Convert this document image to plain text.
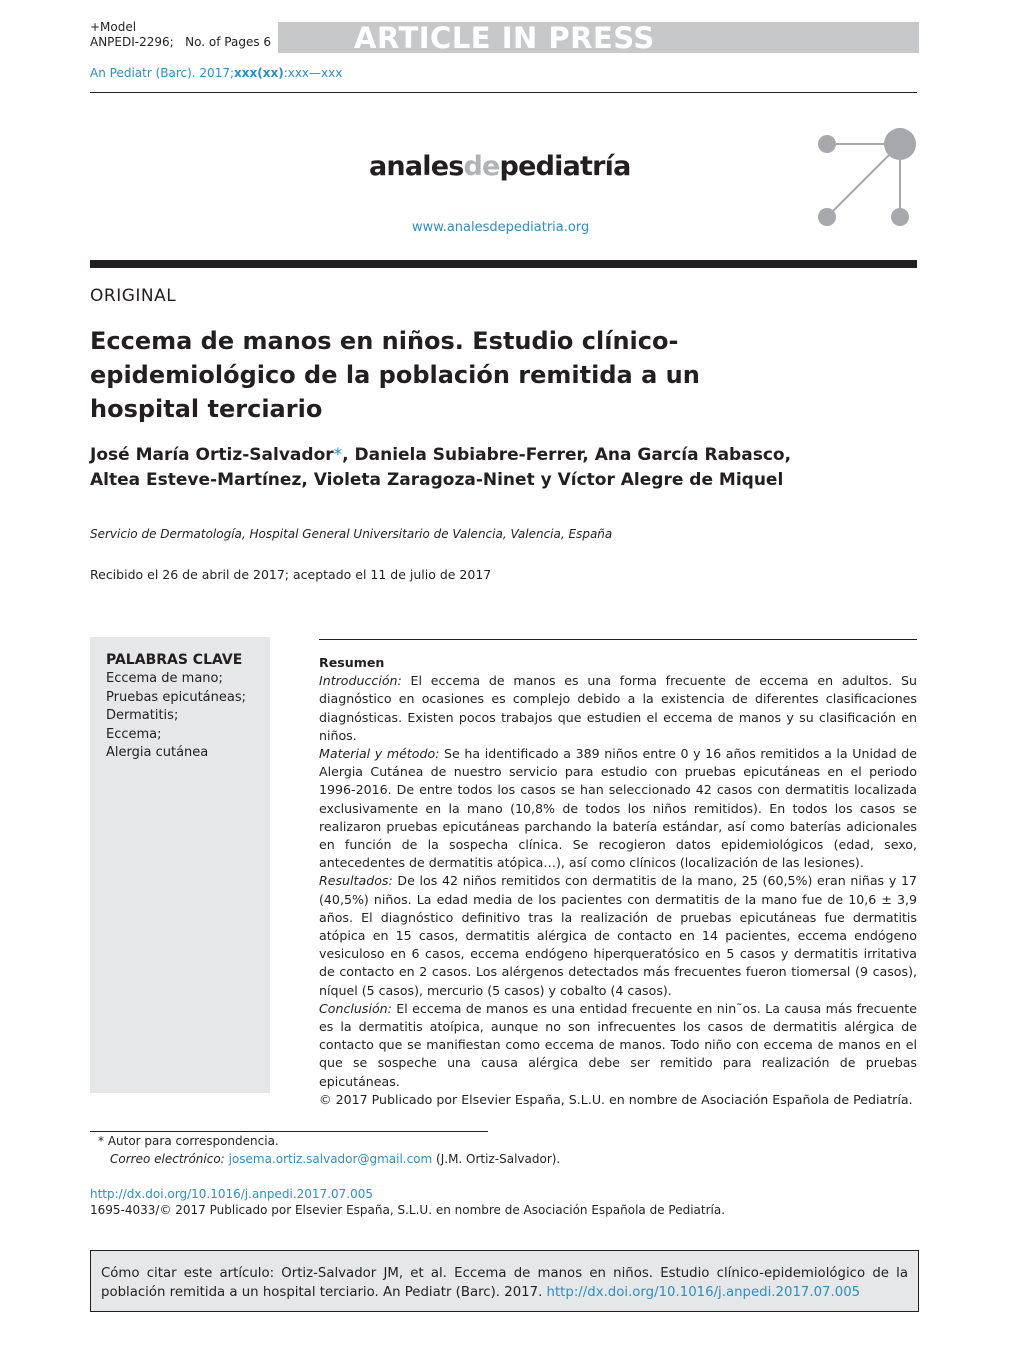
+Model
ANPEDI-2296; No. of Pages 6	ARTICLE IN PRESS
An Pediatr (Barc). 2017;xxx(xx):xxx—xxx
analesdepediatría
www.analesdepediatria.org
ORIGINAL
Eccema de manos en niños. Estudio clínico-epidemiológico de la población remitida a un hospital terciario
José María Ortiz-Salvador*, Daniela Subiabre-Ferrer, Ana García Rabasco,
Altea Esteve-Martínez, Violeta Zaragoza-Ninet y Víctor Alegre de Miquel
Servicio de Dermatología, Hospital General Universitario de Valencia, Valencia, España
Recibido el 26 de abril de 2017; aceptado el 11 de julio de 2017
PALABRAS CLAVE
Eccema de mano;
Pruebas epicutáneas;
Dermatitis;
Eccema;
Alergia cutánea
Resumen

Introducción: El eccema de manos es una forma frecuente de eccema en adultos. Su diagnóstico en ocasiones es complejo debido a la existencia de diferentes clasificaciones diagnósticas. Existen pocos trabajos que estudien el eccema de manos y su clasificación en niños.

Material y método: Se ha identificado a 389 niños entre 0 y 16 años remitidos a la Unidad de Alergia Cutánea de nuestro servicio para estudio con pruebas epicutáneas en el periodo 1996-2016. De entre todos los casos se han seleccionado 42 casos con dermatitis localizada exclusivamente en la mano (10,8% de todos los niños remitidos). En todos los casos se realizaron pruebas epicutáneas parchando la batería estándar, así como baterías adicionales en función de la sospecha clínica. Se recogieron datos epidemiológicos (edad, sexo, antecedentes de dermatitis atópica…), así como clínicos (localización de las lesiones).

Resultados: De los 42 niños remitidos con dermatitis de la mano, 25 (60,5%) eran niñas y 17 (40,5%) niños. La edad media de los pacientes con dermatitis de la mano fue de 10,6 ± 3,9 años. El diagnóstico definitivo tras la realización de pruebas epicutáneas fue dermatitis atópica en 15 casos, dermatitis alérgica de contacto en 14 pacientes, eccema endógeno vesiculoso en 6 casos, eccema endógeno hiperqueratósico en 5 casos y dermatitis irritativa de contacto en 2 casos. Los alérgenos detectados más frecuentes fueron tiomersal (9 casos), níquel (5 casos), mercurio (5 casos) y cobalto (4 casos).

Conclusión: El eccema de manos es una entidad frecuente en nin˜os. La causa más frecuente es la dermatitis atoípica, aunque no son infrecuentes los casos de dermatitis alérgica de contacto que se manifiestan como eccema de manos. Todo niño con eccema de manos en el que se sospeche una causa alérgica debe ser remitido para realización de pruebas epicutáneas.

© 2017 Publicado por Elsevier España, S.L.U. en nombre de Asociación Española de Pediatría.

* Autor para correspondencia.
Correo electrónico: josema.ortiz.salvador@gmail.com (J.M. Ortiz-Salvador).
http://dx.doi.org/10.1016/j.anpedi.2017.07.005
1695-4033/© 2017 Publicado por Elsevier España, S.L.U. en nombre de Asociación Española de Pediatría.
Cómo citar este artículo: Ortiz-Salvador JM, et al. Eccema de manos en niños. Estudio clínico-epidemiológico de la población remitida a un hospital terciario. An Pediatr (Barc). 2017. http://dx.doi.org/10.1016/j.anpedi.2017.07.005
